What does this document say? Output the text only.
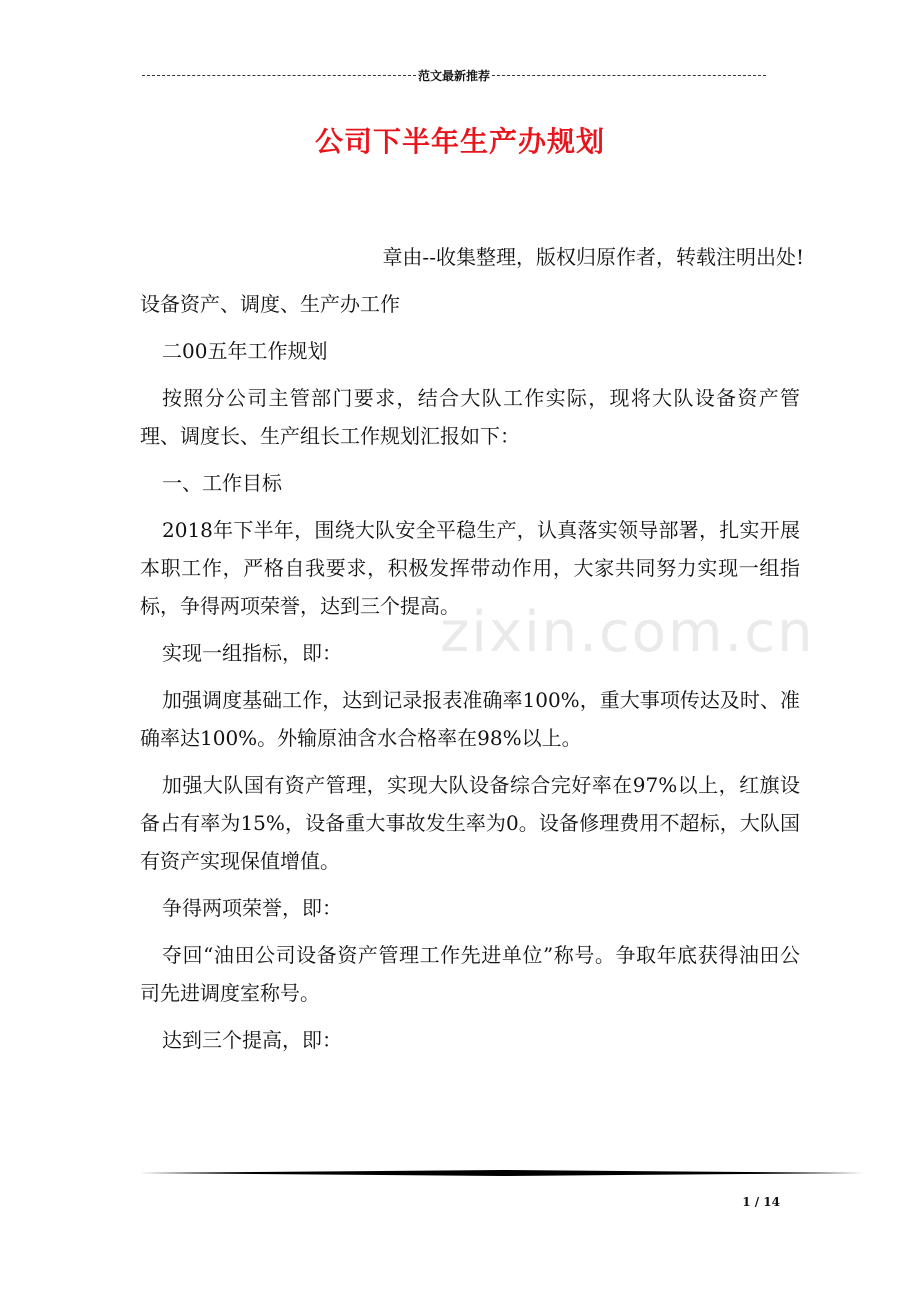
范文最新推荐
公司下半年生产办规划
zixin.com.cn

章由--收集整理，版权归原作者，转载注明出处!

设备资产、调度、生产办工作

二00五年工作规划

按照分公司主管部门要求，结合大队工作实际，现将大队设备资产管理、调度长、生产组长工作规划汇报如下：

一、工作目标

2018年下半年，围绕大队安全平稳生产，认真落实领导部署，扎实开展本职工作，严格自我要求，积极发挥带动作用，大家共同努力实现一组指标，争得两项荣誉，达到三个提高。

实现一组指标，即：

加强调度基础工作，达到记录报表准确率100%，重大事项传达及时、准确率达100%。外输原油含水合格率在98%以上。

加强大队国有资产管理，实现大队设备综合完好率在97%以上，红旗设备占有率为15%，设备重大事故发生率为0。设备修理费用不超标，大队国有资产实现保值增值。

争得两项荣誉，即：

夺回“油田公司设备资产管理工作先进单位”称号。争取年底获得油田公司先进调度室称号。

达到三个提高，即：

1 / 14
